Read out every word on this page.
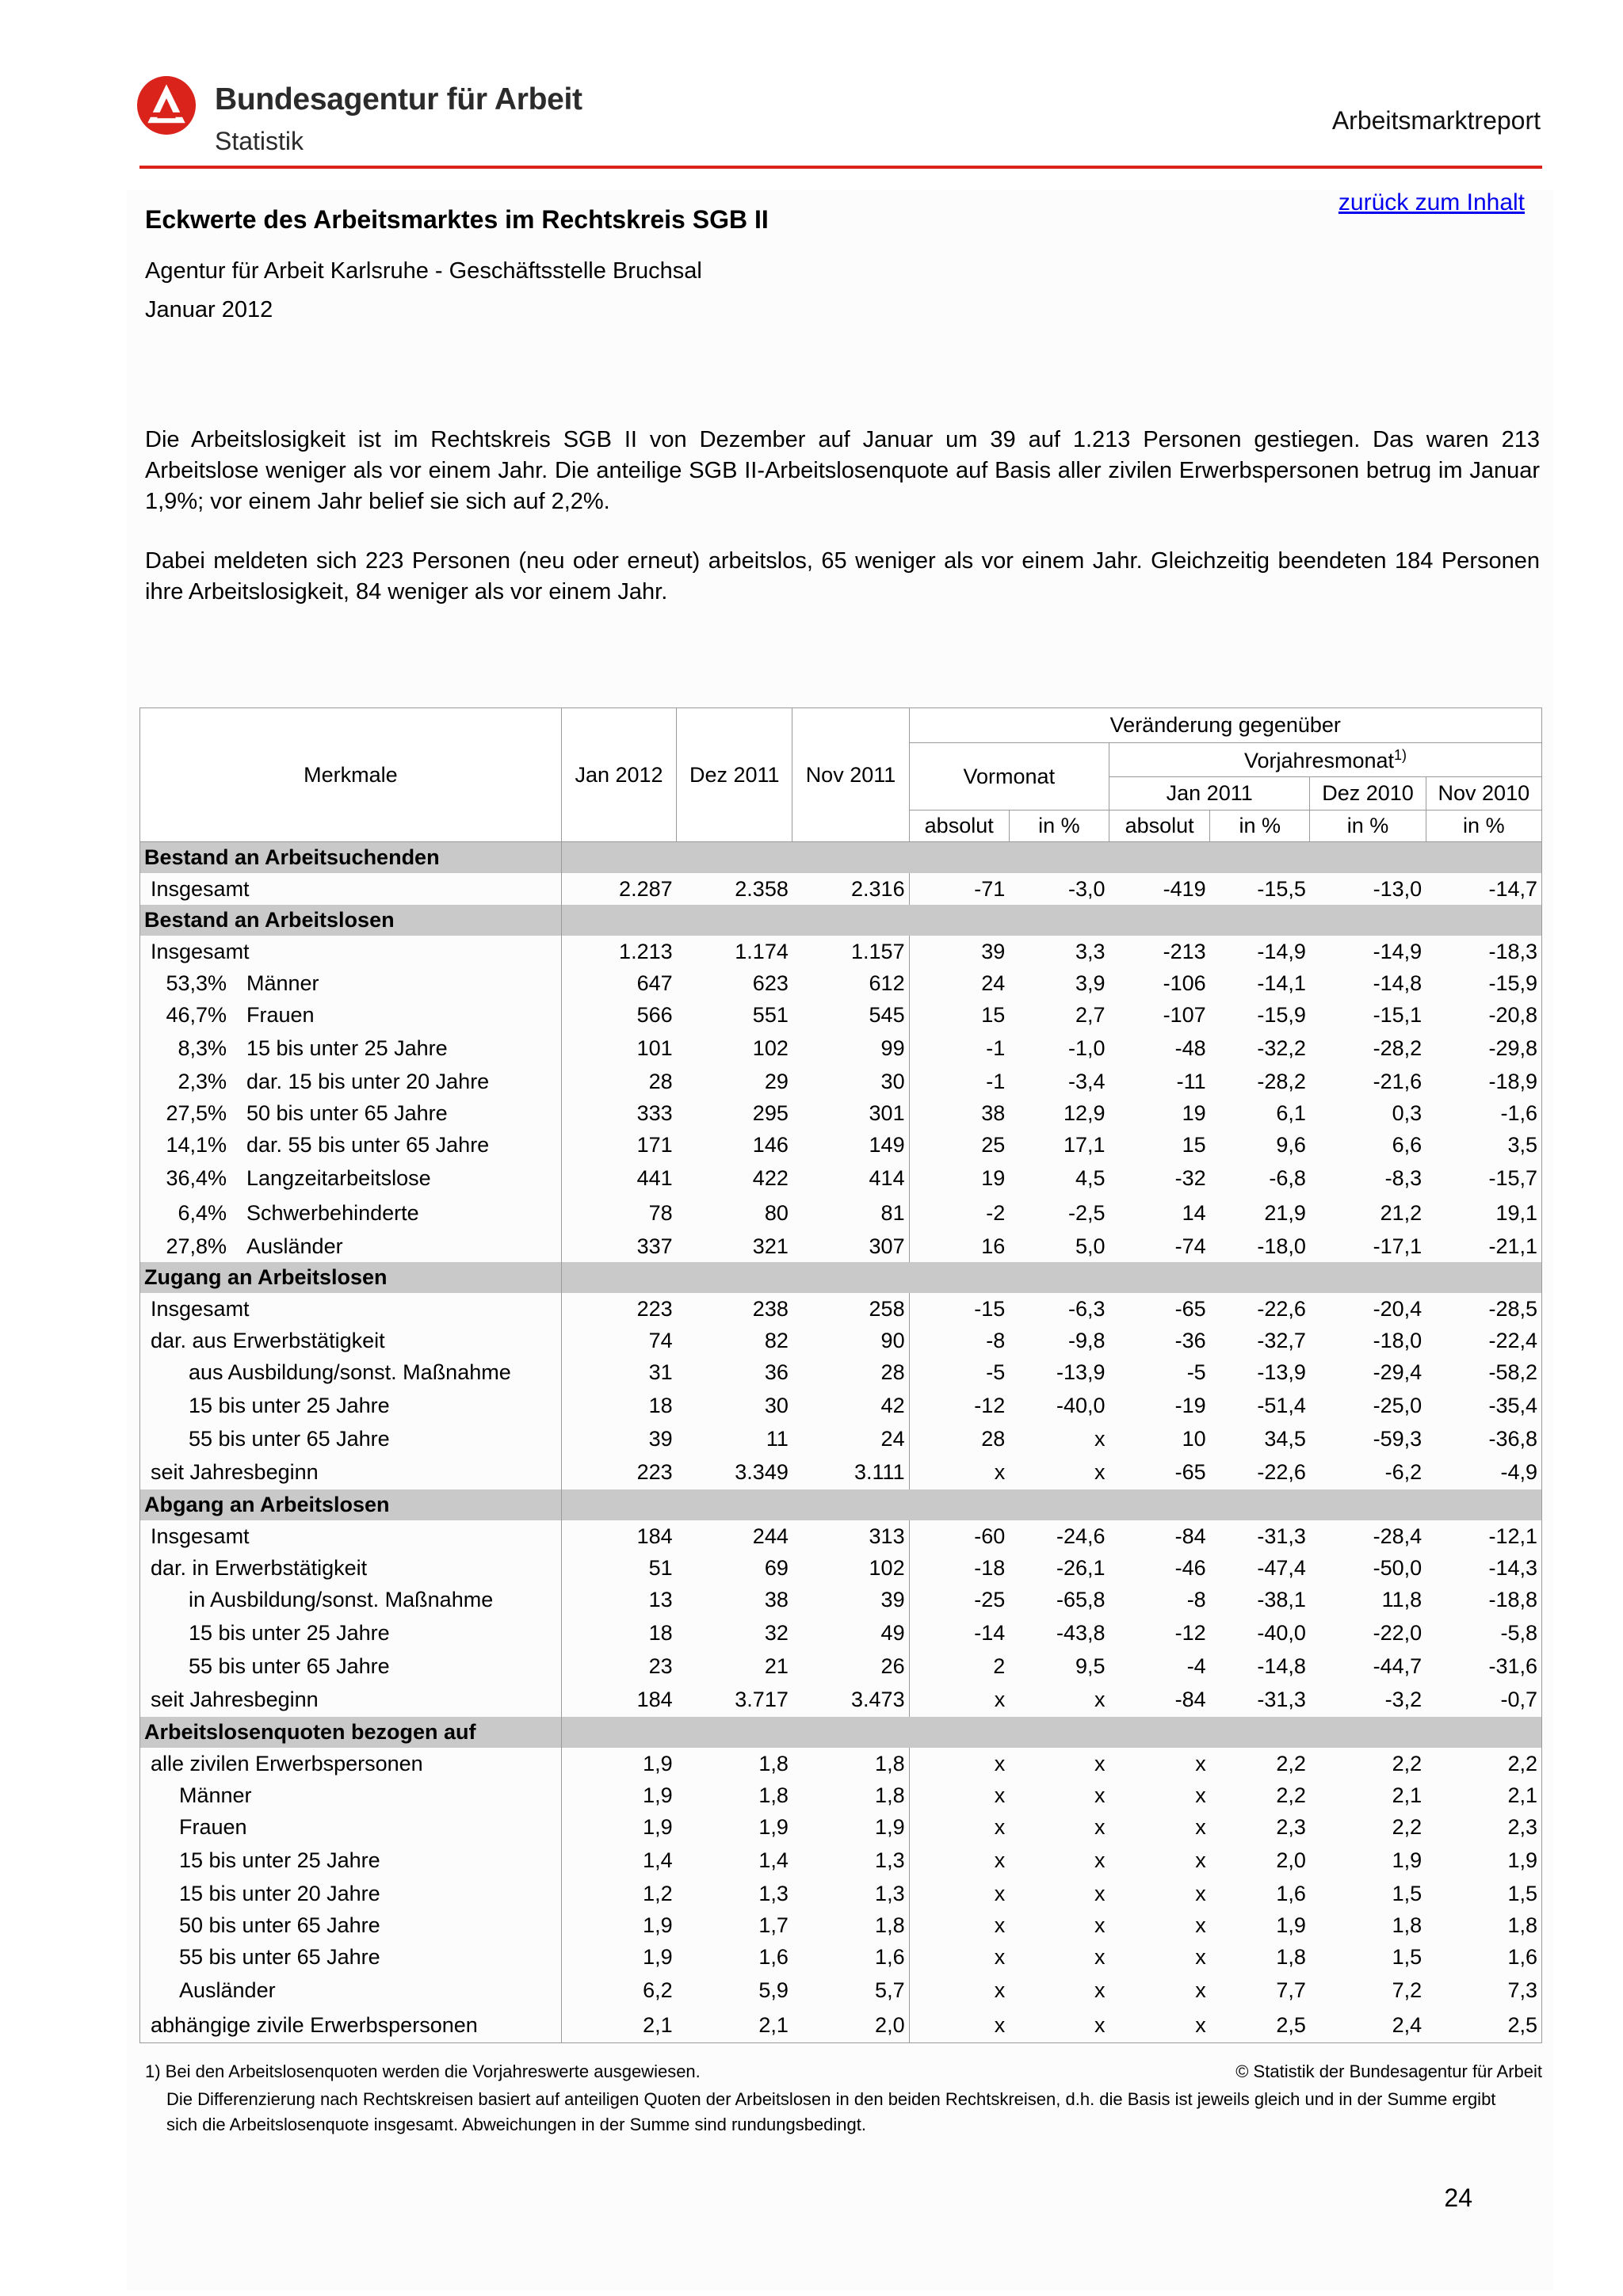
Bundesagentur für Arbeit
Statistik
Arbeitsmarktreport
zurück zum Inhalt
Eckwerte des Arbeitsmarktes im Rechtskreis SGB II
Agentur für Arbeit Karlsruhe - Geschäftsstelle Bruchsal
Januar 2012

Die Arbeitslosigkeit ist im Rechtskreis SGB II von Dezember auf Januar um 39 auf 1.213 Personen gestiegen. Das waren 213 Arbeitslose weniger als vor einem Jahr. Die anteilige SGB II-Arbeitslosenquote auf Basis aller zivilen Erwerbspersonen betrug im Januar 1,9%; vor einem Jahr belief sie sich auf 2,2%.

Dabei meldeten sich 223 Personen (neu oder erneut) arbeitslos, 65 weniger als vor einem Jahr. Gleichzeitig beendeten 184 Personen ihre Arbeitslosigkeit, 84 weniger als vor einem Jahr.

Merkmale	Jan 2012	Dez 2011	Nov 2011	Veränderung gegenüber					
				Vormonat		Vorjahresmonat$^{1)}$
						Jan 2011		Dez 2010	Nov 2010
				absolut	in %	absolut	in %	in %	in %
Bestand an Arbeitsuchenden									
Insgesamt	2.287	2.358	2.316	-71	-3,0	-419	-15,5	-13,0	-14,7
Bestand an Arbeitslosen									
Insgesamt	1.213	1.174	1.157	39	3,3	-213	-14,9	-14,9	-18,3
53,3% Männer	647	623	612	24	3,9	-106	-14,1	-14,8	-15,9
46,7% Frauen	566	551	545	15	2,7	-107	-15,9	-15,1	-20,8
8,3% 15 bis unter 25 Jahre	101	102	99	-1	-1,0	-48	-32,2	-28,2	-29,8
2,3% dar. 15 bis unter 20 Jahre	28	29	30	-1	-3,4	-11	-28,2	-21,6	-18,9
27,5% 50 bis unter 65 Jahre	333	295	301	38	12,9	19	6,1	0,3	-1,6
14,1% dar. 55 bis unter 65 Jahre	171	146	149	25	17,1	15	9,6	6,6	3,5
36,4% Langzeitarbeitslose	441	422	414	19	4,5	-32	-6,8	-8,3	-15,7
6,4% Schwerbehinderte	78	80	81	-2	-2,5	14	21,9	21,2	19,1
27,8% Ausländer	337	321	307	16	5,0	-74	-18,0	-17,1	-21,1
Zugang an Arbeitslosen									
Insgesamt	223	238	258	-15	-6,3	-65	-22,6	-20,4	-28,5
dar. aus Erwerbstätigkeit	74	82	90	-8	-9,8	-36	-32,7	-18,0	-22,4
aus Ausbildung/sonst. Maßnahme	31	36	28	-5	-13,9	-5	-13,9	-29,4	-58,2
15 bis unter 25 Jahre	18	30	42	-12	-40,0	-19	-51,4	-25,0	-35,4
55 bis unter 65 Jahre	39	11	24	28	x	10	34,5	-59,3	-36,8
seit Jahresbeginn	223	3.349	3.111	x	x	-65	-22,6	-6,2	-4,9
Abgang an Arbeitslosen									
Insgesamt	184	244	313	-60	-24,6	-84	-31,3	-28,4	-12,1
dar. in Erwerbstätigkeit	51	69	102	-18	-26,1	-46	-47,4	-50,0	-14,3
in Ausbildung/sonst. Maßnahme	13	38	39	-25	-65,8	-8	-38,1	11,8	-18,8
15 bis unter 25 Jahre	18	32	49	-14	-43,8	-12	-40,0	-22,0	-5,8
55 bis unter 65 Jahre	23	21	26	2	9,5	-4	-14,8	-44,7	-31,6
seit Jahresbeginn	184	3.717	3.473	x	x	-84	-31,3	-3,2	-0,7
Arbeitslosenquoten bezogen auf									
alle zivilen Erwerbspersonen	1,9	1,8	1,8	x	x	x	2,2	2,2	2,2
Männer	1,9	1,8	1,8	x	x	x	2,2	2,1	2,1
Frauen	1,9	1,9	1,9	x	x	x	2,3	2,2	2,3
15 bis unter 25 Jahre	1,4	1,4	1,3	x	x	x	2,0	1,9	1,9
15 bis unter 20 Jahre	1,2	1,3	1,3	x	x	x	1,6	1,5	1,5
50 bis unter 65 Jahre	1,9	1,7	1,8	x	x	x	1,9	1,8	1,8
55 bis unter 65 Jahre	1,9	1,6	1,6	x	x	x	1,8	1,5	1,6
Ausländer	6,2	5,9	5,7	x	x	x	7,7	7,2	7,3
abhängige zivile Erwerbspersonen	2,1	2,1	2,0	x	x	x	2,5	2,4	2,5
1) Bei den Arbeitslosenquoten werden die Vorjahreswerte ausgewiesen.	© Statistik der Bundesagentur für Arbeit
Die Differenzierung nach Rechtskreisen basiert auf anteiligen Quoten der Arbeitslosen in den beiden Rechtskreisen, d.h. die Basis ist jeweils gleich und in der Summe ergibt sich die Arbeitslosenquote insgesamt. Abweichungen in der Summe sind rundungsbedingt.
24
